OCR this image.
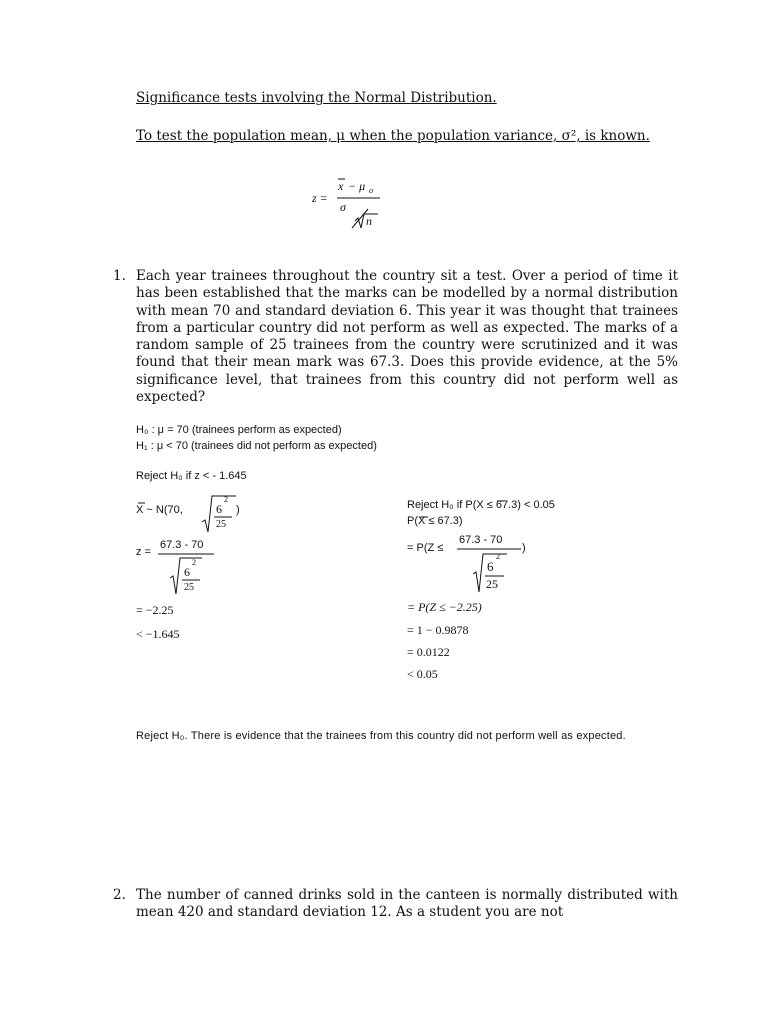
Significance tests involving the Normal Distribution.
To test the population mean, μ when the population variance, σ², is known.
z =
x − μ o
σ
n
1. Each year trainees throughout the country sit a test. Over a period of time it has been established that the marks can be modelled by a normal distribution with mean 70 and standard deviation 6. This year it was thought that trainees from a particular country did not perform as well as expected. The marks of a random sample of 25 trainees from the country were scrutinized and it was found that their mean mark was 67.3. Does this provide evidence, at the 5% significance level, that trainees from this country did not perform well as expected?
H₀ : μ = 70 (trainees perform as expected)
H₁ : μ < 70 (trainees did not perform as expected)
Reject H₀ if z < - 1.645
X ~ N(70,	6
2
25
)
z =
67.3 - 70
6
2
25
= −2.25
< −1.645
Reject H₀ if P(X ≤ 67.3) < 0.05
P(X ≤ 67.3)
= P(Z ≤
67.3 - 70
6
2
25
)
= P(Z ≤ −2.25)
= 1 − 0.9878
= 0.0122
< 0.05
Reject H₀. There is evidence that the trainees from this country did not perform well as expected.
2. The number of canned drinks sold in the canteen is normally distributed with mean 420 and standard deviation 12. As a student you are not
